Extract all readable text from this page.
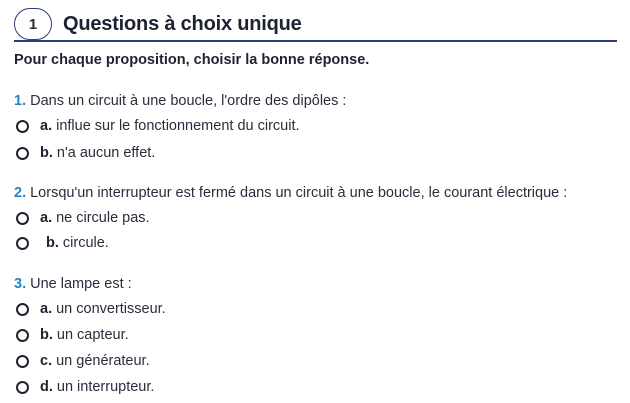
1	Questions à choix unique
Pour chaque proposition, choisir la bonne réponse.
1. Dans un circuit à une boucle, l'ordre des dipôles :
a. influe sur le fonctionnement du circuit.
b. n'a aucun effet.
2. Lorsqu'un interrupteur est fermé dans un circuit à une boucle, le courant électrique :
a. ne circule pas.
b. circule.
3. Une lampe est :
a. un convertisseur.
b. un capteur.
c. un générateur.
d. un interrupteur.
